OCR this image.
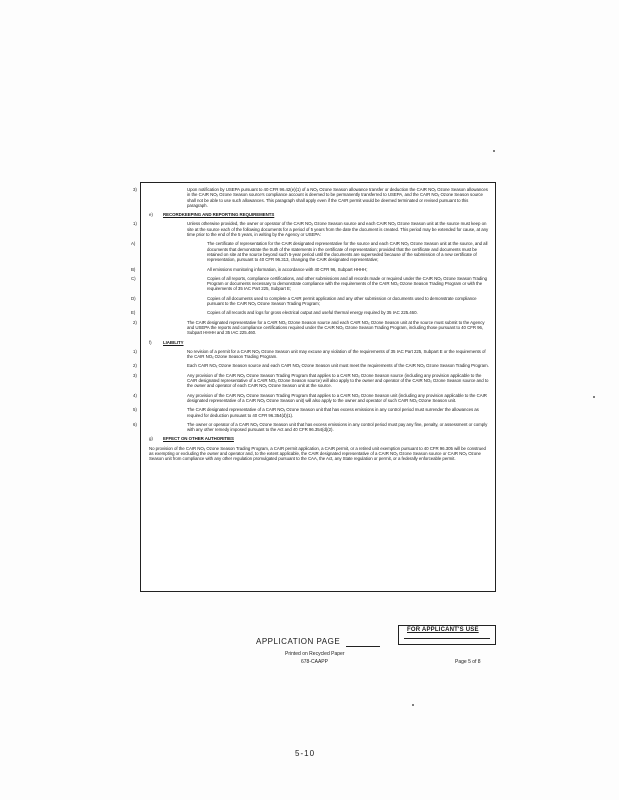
3)	Upon notification by USEPA pursuant to 40 CFR 96.42(e)(1) of a NOₓ Ozone Season allowance transfer or deduction the CAIR NOₓ Ozone Season allowances in the CAIR NOₓ Ozone Season source's compliance account is deemed to be permanently transferred to USEPA, and the CAIR NOₓ Ozone Season source shall not be able to use such allowances. This paragraph shall apply even if the CAIR permit would be deemed terminated or revised pursuant to this paragraph.
e) RECORDKEEPING AND REPORTING REQUIREMENTS
1)	Unless otherwise provided, the owner or operator of the CAIR NOₓ Ozone Season source and each CAIR NOₓ Ozone Season unit at the source must keep on site at the source each of the following documents for a period of 5 years from the date the document is created. This period may be extended for cause, at any time prior to the end of the 5 years, in writing by the Agency or USEPA:
A)	The certificate of representation for the CAIR designated representative for the source and each CAIR NOₓ Ozone Season unit at the source, and all documents that demonstrate the truth of the statements in the certificate of representation; provided that the certificate and documents must be retained on site at the source beyond such 5-year period until the documents are superseded because of the submission of a new certificate of representation, pursuant to 40 CFR 96.313, changing the CAIR designated representative;
B)	All emissions monitoring information, in accordance with 40 CFR 96, Subpart HHHH;
C)	Copies of all reports, compliance certifications, and other submissions and all records made or required under the CAIR NOₓ Ozone Season Trading Program or documents necessary to demonstrate compliance with the requirements of the CAIR NOₓ Ozone Season Trading Program or with the requirements of 35 IAC Part 225, Subpart E;
D)	Copies of all documents used to complete a CAIR permit application and any other submission or documents used to demonstrate compliance pursuant to the CAIR NOₓ Ozone Season Trading Program;
E)	Copies of all records and logs for gross electrical output and useful thermal energy required by 35 IAC 225.460.
2)	The CAIR designated representative for a CAIR NOₓ Ozone Season source and each CAIR NOₓ Ozone Season unit at the source must submit to the Agency and USEPA the reports and compliance certifications required under the CAIR NOₓ Ozone Season Trading Program, including those pursuant to 40 CFR 96, Subpart HHHH and 35 IAC 225.460.
f)	LIABILITY
1)	No revision of a permit for a CAIR NOₓ Ozone Season unit may excuse any violation of the requirements of 35 IAC Part 225, Subpart E or the requirements of the CAIR NOₓ Ozone Season Trading Program.
2)	Each CAIR NOₓ Ozone Season source and each CAIR NOₓ Ozone Season unit must meet the requirements of the CAIR NOₓ Ozone Season Trading Program.
3)	Any provision of the CAIR NOₓ Ozone Season Trading Program that applies to a CAIR NOₓ Ozone Season source (including any provision applicable to the CAIR designated representative of a CAIR NOₓ Ozone Season source) will also apply to the owner and operator of the CAIR NOₓ Ozone Season source and to the owner and operator of each CAIR NOₓ Ozone Season unit at the source.
4)	Any provision of the CAIR NOₓ Ozone Season Trading Program that applies to a CAIR NOₓ Ozone Season unit (including any provision applicable to the CAIR designated representative of a CAIR NOₓ Ozone Season unit) will also apply to the owner and operator of such CAIR NOₓ Ozone Season unit.
5)	The CAIR designated representative of a CAIR NOₓ Ozone Season unit that has excess emissions in any control period must surrender the allowances as required for deduction pursuant to 40 CFR 96.354(d)(1).
6)	The owner or operator of a CAIR NOₓ Ozone Season unit that has excess emissions in any control period must pay any fine, penalty, or assessment or comply with any other remedy imposed pursuant to the Act and 40 CFR 96.354(d)(2).
g) EFFECT ON OTHER AUTHORITIES
No provision of the CAIR NOₓ Ozone Season Trading Program, a CAIR permit application, a CAIR permit, or a retired unit exemption pursuant to 40 CFR 96.305 will be construed as exempting or excluding the owner and operator and, to the extent applicable, the CAIR designated representative of a CAIR NOₓ Ozone Season source or CAIR NOₓ Ozone Season unit from compliance with any other regulation promulgated pursuant to the CAA, the Act, any State regulation or permit, or a federally enforceable permit.
APPLICATION PAGE
Printed on Recycled Paper
678-CAAPP
FOR APPLICANT'S USE
Page 5 of 8
5-10
